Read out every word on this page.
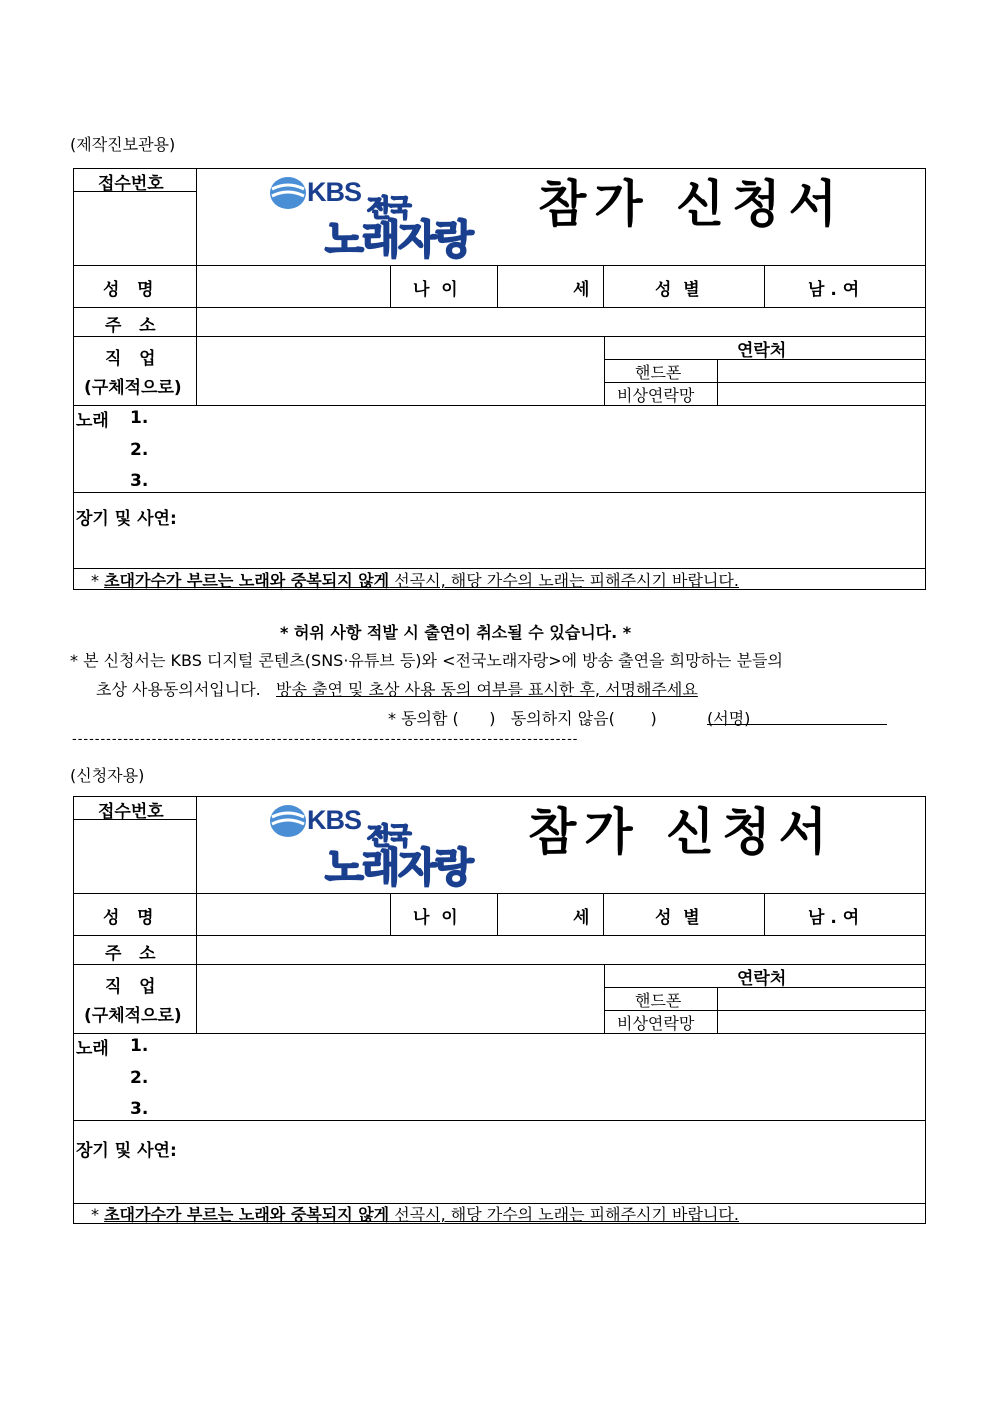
(제작진보관용)
접수번호	KBS
전국
노래자랑
참가 신청서
성   명	나  이	세	성  별	남 . 여
주   소
직   업
(구체적으로)
연락처
핸드폰
비상연락망
노래 1.
2.
3.
장기 및 사연:
* 초대가수가 부르는 노래와 중복되지 않게 선곡시, 해당 가수의 노래는 피해주시기 바랍니다.
* 허위 사항 적발 시 출연이 취소될 수 있습니다. *
* 본 신청서는 KBS 디지털 콘텐츠(SNS·유튜브 등)와 <전국노래자랑>에 방송 출연을 희망하는 분들의
초상 사용동의서입니다. 방송 출연 및 초상 사용 동의 여부를 표시한 후, 서명해주세요
* 동의함 (      )   동의하지 않음(       )	(서명)
-----------------------------------------------------------------------------------------
(신청자용)
접수번호	KBS
전국
노래자랑
참가 신청서
성   명	나  이	세	성  별	남 . 여
주   소
직   업
(구체적으로)
연락처
핸드폰
비상연락망
노래 1.
2.
3.
장기 및 사연:
* 초대가수가 부르는 노래와 중복되지 않게 선곡시, 해당 가수의 노래는 피해주시기 바랍니다.
